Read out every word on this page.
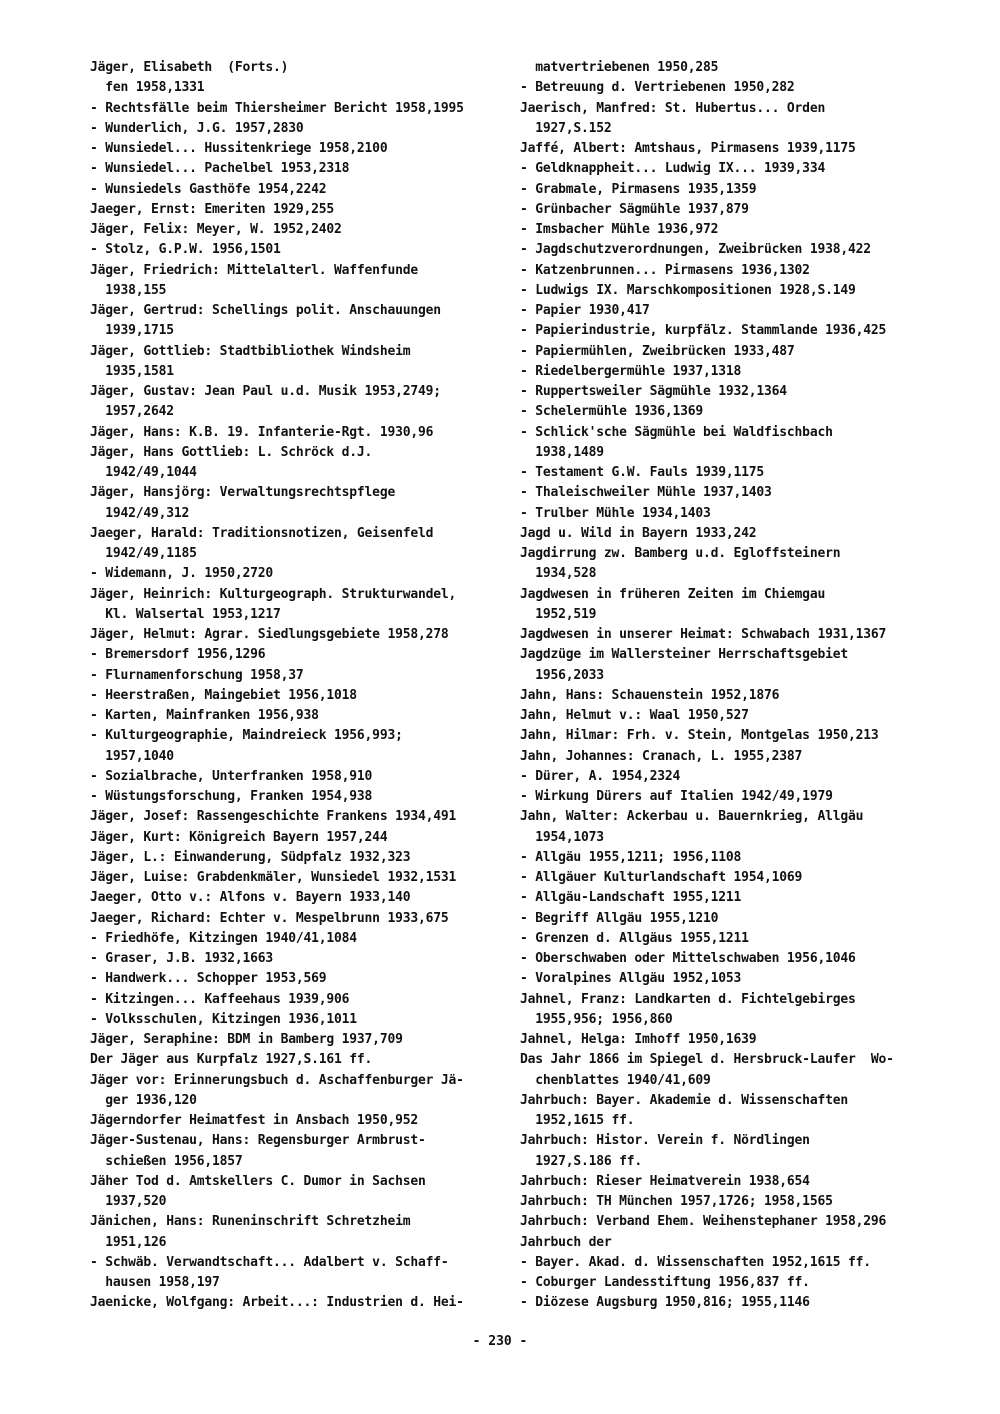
Jäger, Elisabeth  (Forts.)
fen 1958,1331
- Rechtsfälle beim Thiersheimer Bericht 1958,1995
- Wunderlich, J.G. 1957,2830
- Wunsiedel... Hussitenkriege 1958,2100
- Wunsiedel... Pachelbel 1953,2318
- Wunsiedels Gasthöfe 1954,2242
Jaeger, Ernst: Emeriten 1929,255
Jäger, Felix: Meyer, W. 1952,2402
- Stolz, G.P.W. 1956,1501
Jäger, Friedrich: Mittelalterl. Waffenfunde
1938,155
Jäger, Gertrud: Schellings polit. Anschauungen
1939,1715
Jäger, Gottlieb: Stadtbibliothek Windsheim
1935,1581
Jäger, Gustav: Jean Paul u.d. Musik 1953,2749;
1957,2642
Jäger, Hans: K.B. 19. Infanterie-Rgt. 1930,96
Jäger, Hans Gottlieb: L. Schröck d.J.
1942/49,1044
Jäger, Hansjörg: Verwaltungsrechtspflege
1942/49,312
Jaeger, Harald: Traditionsnotizen, Geisenfeld
1942/49,1185
- Widemann, J. 1950,2720
Jäger, Heinrich: Kulturgeograph. Strukturwandel,
Kl. Walsertal 1953,1217
Jäger, Helmut: Agrar. Siedlungsgebiete 1958,278
- Bremersdorf 1956,1296
- Flurnamenforschung 1958,37
- Heerstraßen, Maingebiet 1956,1018
- Karten, Mainfranken 1956,938
- Kulturgeographie, Maindreieck 1956,993;
1957,1040
- Sozialbrache, Unterfranken 1958,910
- Wüstungsforschung, Franken 1954,938
Jäger, Josef: Rassengeschichte Frankens 1934,491
Jäger, Kurt: Königreich Bayern 1957,244
Jäger, L.: Einwanderung, Südpfalz 1932,323
Jäger, Luise: Grabdenkmäler, Wunsiedel 1932,1531
Jaeger, Otto v.: Alfons v. Bayern 1933,140
Jaeger, Richard: Echter v. Mespelbrunn 1933,675
- Friedhöfe, Kitzingen 1940/41,1084
- Graser, J.B. 1932,1663
- Handwerk... Schopper 1953,569
- Kitzingen... Kaffeehaus 1939,906
- Volksschulen, Kitzingen 1936,1011
Jäger, Seraphine: BDM in Bamberg 1937,709
Der Jäger aus Kurpfalz 1927,S.161 ff.
Jäger vor: Erinnerungsbuch d. Aschaffenburger Jä-
ger 1936,120
Jägerndorfer Heimatfest in Ansbach 1950,952
Jäger-Sustenau, Hans: Regensburger Armbrust-
schießen 1956,1857
Jäher Tod d. Amtskellers C. Dumor in Sachsen
1937,520
Jänichen, Hans: Runeninschrift Schretzheim
1951,126
- Schwäb. Verwandtschaft... Adalbert v. Schaff-
hausen 1958,197
Jaenicke, Wolfgang: Arbeit...: Industrien d. Hei-
matvertriebenen 1950,285
- Betreuung d. Vertriebenen 1950,282
Jaerisch, Manfred: St. Hubertus... Orden
1927,S.152
Jaffé, Albert: Amtshaus, Pirmasens 1939,1175
- Geldknappheit... Ludwig IX... 1939,334
- Grabmale, Pirmasens 1935,1359
- Grünbacher Sägmühle 1937,879
- Imsbacher Mühle 1936,972
- Jagdschutzverordnungen, Zweibrücken 1938,422
- Katzenbrunnen... Pirmasens 1936,1302
- Ludwigs IX. Marschkompositionen 1928,S.149
- Papier 1930,417
- Papierindustrie, kurpfälz. Stammlande 1936,425
- Papiermühlen, Zweibrücken 1933,487
- Riedelbergermühle 1937,1318
- Ruppertsweiler Sägmühle 1932,1364
- Schelermühle 1936,1369
- Schlick'sche Sägmühle bei Waldfischbach
1938,1489
- Testament G.W. Fauls 1939,1175
- Thaleischweiler Mühle 1937,1403
- Trulber Mühle 1934,1403
Jagd u. Wild in Bayern 1933,242
Jagdirrung zw. Bamberg u.d. Egloffsteinern
1934,528
Jagdwesen in früheren Zeiten im Chiemgau
1952,519
Jagdwesen in unserer Heimat: Schwabach 1931,1367
Jagdzüge im Wallersteiner Herrschaftsgebiet
1956,2033
Jahn, Hans: Schauenstein 1952,1876
Jahn, Helmut v.: Waal 1950,527
Jahn, Hilmar: Frh. v. Stein, Montgelas 1950,213
Jahn, Johannes: Cranach, L. 1955,2387
- Dürer, A. 1954,2324
- Wirkung Dürers auf Italien 1942/49,1979
Jahn, Walter: Ackerbau u. Bauernkrieg, Allgäu
1954,1073
- Allgäu 1955,1211; 1956,1108
- Allgäuer Kulturlandschaft 1954,1069
- Allgäu-Landschaft 1955,1211
- Begriff Allgäu 1955,1210
- Grenzen d. Allgäus 1955,1211
- Oberschwaben oder Mittelschwaben 1956,1046
- Voralpines Allgäu 1952,1053
Jahnel, Franz: Landkarten d. Fichtelgebirges
1955,956; 1956,860
Jahnel, Helga: Imhoff 1950,1639
Das Jahr 1866 im Spiegel d. Hersbruck-Laufer  Wo-
chenblattes 1940/41,609
Jahrbuch: Bayer. Akademie d. Wissenschaften
1952,1615 ff.
Jahrbuch: Histor. Verein f. Nördlingen
1927,S.186 ff.
Jahrbuch: Rieser Heimatverein 1938,654
Jahrbuch: TH München 1957,1726; 1958,1565
Jahrbuch: Verband Ehem. Weihenstephaner 1958,296
Jahrbuch der
- Bayer. Akad. d. Wissenschaften 1952,1615 ff.
- Coburger Landesstiftung 1956,837 ff.
- Diözese Augsburg 1950,816; 1955,1146
- 230 -
